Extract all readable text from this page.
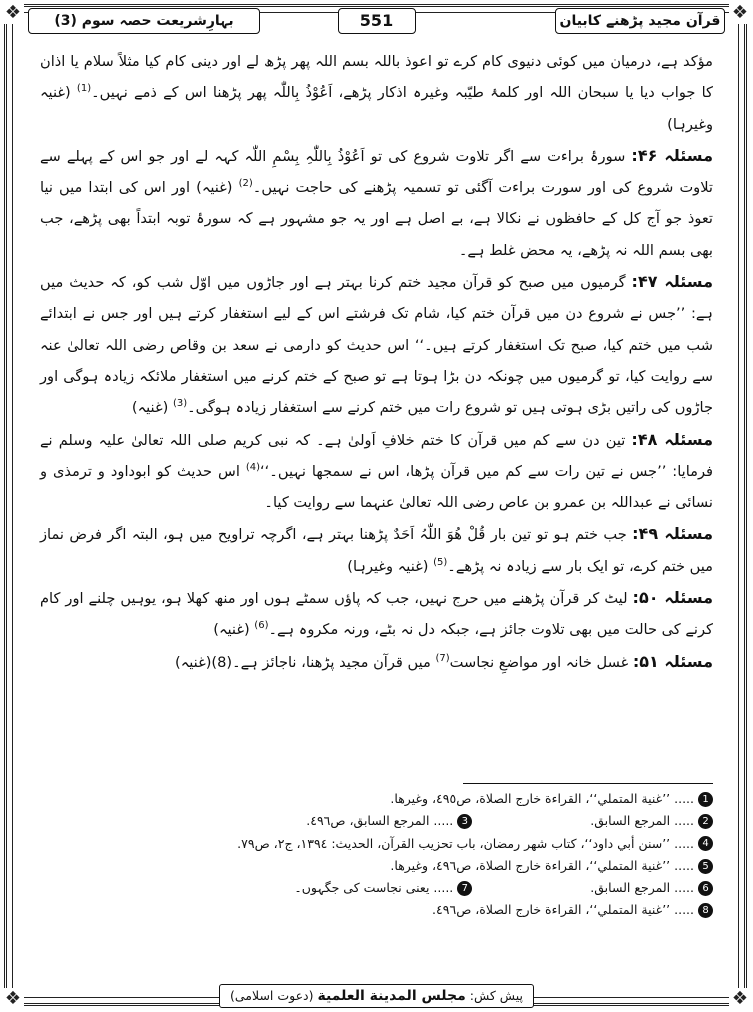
❖	❖
❖	❖
قرآن مجید پڑھنے کابیان
551
بہارِشریعت حصہ سوم (3)

مؤکد ہے، درمیان میں کوئی دنیوی کام کرے تو اعوذ باللہ بسم اللہ پھر پڑھ لے اور دینی کام کیا مثلاً سلام یا اذان کا جواب دیا یا سبحان اللہ اور کلمۂ طیّبہ وغیرہ اذکار پڑھے، اَعُوْذُ بِاللّٰہ پھر پڑھنا اس کے ذمے نہیں۔$^{(1)}$ (غنیہ وغیرہا)

مسئلہ ۴۶: سورۂ براءت سے اگر تلاوت شروع کی تو اَعُوْذُ بِاللّٰہِ بِسْمِ اللّٰہ کہہ لے اور جو اس کے پہلے سے تلاوت شروع کی اور سورت براءت آگئی تو تسمیہ پڑھنے کی حاجت نہیں۔$^{(2)}$ (غنیہ) اور اس کی ابتدا میں نیا تعوذ جو آج کل کے حافظوں نے نکالا ہے، بے اصل ہے اور یہ جو مشہور ہے کہ سورۂ توبہ ابتداً بھی پڑھے، جب بھی بسم اللہ نہ پڑھے، یہ محض غلط ہے۔

مسئلہ ۴۷: گرمیوں میں صبح کو قرآن مجید ختم کرنا بہتر ہے اور جاڑوں میں اوّل شب کو، کہ حدیث میں ہے: ’’جس نے شروع دن میں قرآن ختم کیا، شام تک فرشتے اس کے لیے استغفار کرتے ہیں اور جس نے ابتدائے شب میں ختم کیا، صبح تک استغفار کرتے ہیں۔‘‘ اس حدیث کو دارمی نے سعد بن وقاص رضی اللہ تعالیٰ عنہ سے روایت کیا، تو گرمیوں میں چونکہ دن بڑا ہوتا ہے تو صبح کے ختم کرنے میں استغفار ملائکہ زیادہ ہوگی اور جاڑوں کی راتیں بڑی ہوتی ہیں تو شروع رات میں ختم کرنے سے استغفار زیادہ ہوگی۔$^{(3)}$ (غنیہ)

مسئلہ ۴۸: تین دن سے کم میں قرآن کا ختم خلافِ اَولیٰ ہے۔ کہ نبی کریم صلی اللہ تعالیٰ علیہ وسلم نے فرمایا: ’’جس نے تین رات سے کم میں قرآن پڑھا، اس نے سمجھا نہیں۔‘‘$^{(4)}$ اس حدیث کو ابوداود و ترمذی و نسائی نے عبداللہ بن عمرو بن عاص رضی اللہ تعالیٰ عنہما سے روایت کیا۔

مسئلہ ۴۹: جب ختم ہو تو تین بار قُلْ ھُوَ اللّٰہُ اَحَدٌ پڑھنا بہتر ہے، اگرچہ تراویح میں ہو، البتہ اگر فرض نماز میں ختم کرے، تو ایک بار سے زیادہ نہ پڑھے۔$^{(5)}$ (غنیہ وغیرہا)

مسئلہ ۵۰: لیٹ کر قرآن پڑھنے میں حرج نہیں، جب کہ پاؤں سمٹے ہوں اور منھ کھلا ہو، یوہیں چلنے اور کام کرنے کی حالت میں بھی تلاوت جائز ہے، جبکہ دل نہ بٹے، ورنہ مکروہ ہے۔$^{(6)}$ (غنیہ)

مسئلہ ۵۱: غسل خانہ اور مواضعِ نجاست$^{(7)}$ میں قرآن مجید پڑھنا، ناجائز ہے۔(8)(غنیہ)

1
..... ’’غنية المتملي‘‘، القراءة خارج الصلاة، ص٤٩٥، وغيرها.
2
..... المرجع السابق.
3
..... المرجع السابق، ص٤٩٦.
4
..... ’’سنن أبي داود‘‘، كتاب شهر رمضان، باب تحزيب القرآن، الحديث: ١٣٩٤، ج٢، ص٧٩.
5
..... ’’غنية المتملي‘‘، القراءة خارج الصلاة، ص٤٩٦، وغيرها.
6
..... المرجع السابق.
7
..... یعنی نجاست کی جگہوں۔
8
..... ’’غنية المتملي‘‘، القراءة خارج الصلاة، ص٤٩٦.
پیش کش: مجلس المدينة العلمية (دعوت اسلامی)
